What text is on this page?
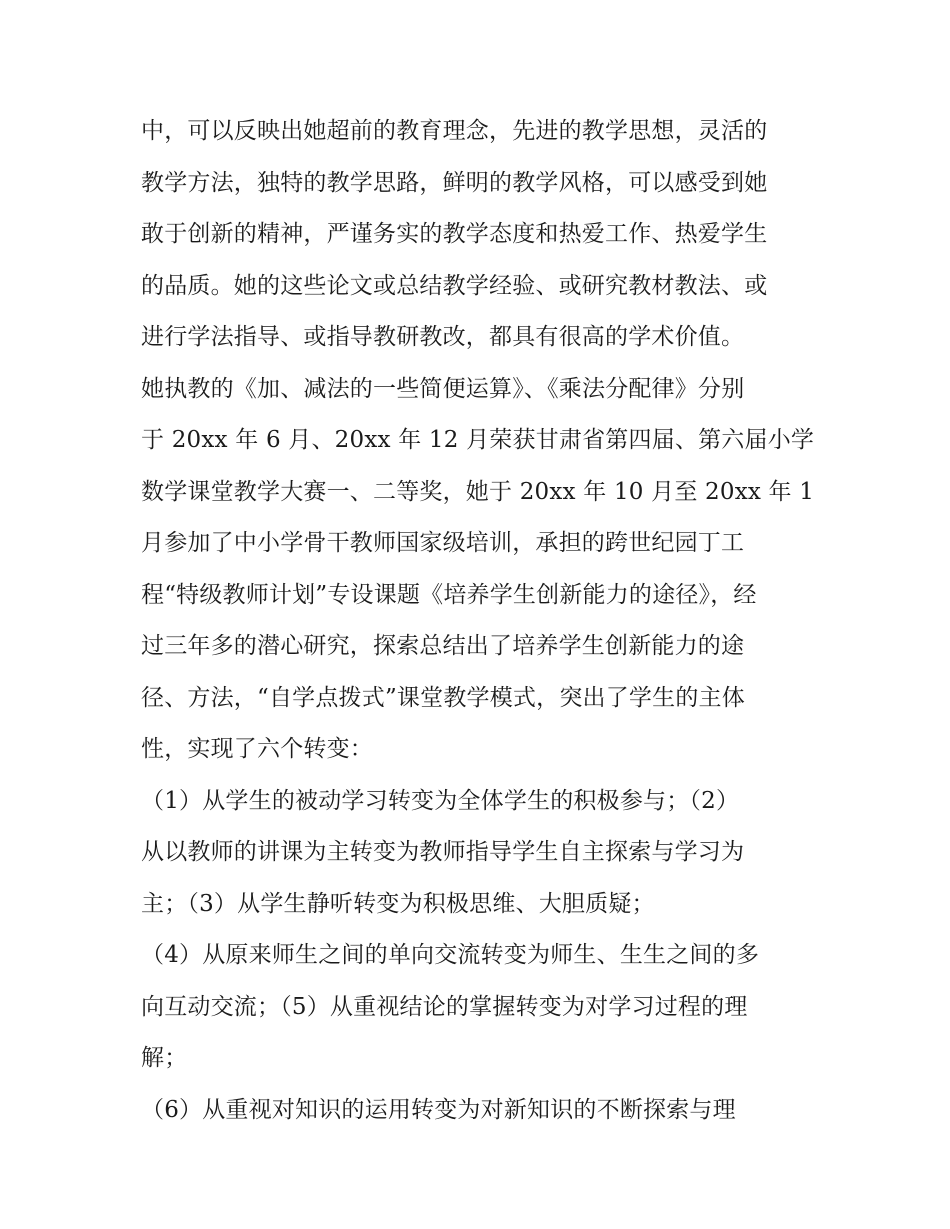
中，可以反映出她超前的教育理念，先进的教学思想，灵活的
教学方法，独特的教学思路，鲜明的教学风格，可以感受到她
敢于创新的精神，严谨务实的教学态度和热爱工作、热爱学生
的品质。她的这些论文或总结教学经验、或研究教材教法、或
进行学法指导、或指导教研教改，都具有很高的学术价值。
她执教的《加、减法的一些简便运算》、《乘法分配律》分别
于 20xx 年 6 月、20xx 年 12 月荣获甘肃省第四届、第六届小学
数学课堂教学大赛一、二等奖，她于 20xx 年 10 月至 20xx 年 1
月参加了中小学骨干教师国家级培训，承担的跨世纪园丁工
程“特级教师计划”专设课题《培养学生创新能力的途径》，经
过三年多的潜心研究，探索总结出了培养学生创新能力的途
径、方法，“自学点拨式”课堂教学模式，突出了学生的主体
性，实现了六个转变：
（1）从学生的被动学习转变为全体学生的积极参与；（2）
从以教师的讲课为主转变为教师指导学生自主探索与学习为
主；（3）从学生静听转变为积极思维、大胆质疑；
（4）从原来师生之间的单向交流转变为师生、生生之间的多
向互动交流；（5）从重视结论的掌握转变为对学习过程的理
解；
（6）从重视对知识的运用转变为对新知识的不断探索与理
